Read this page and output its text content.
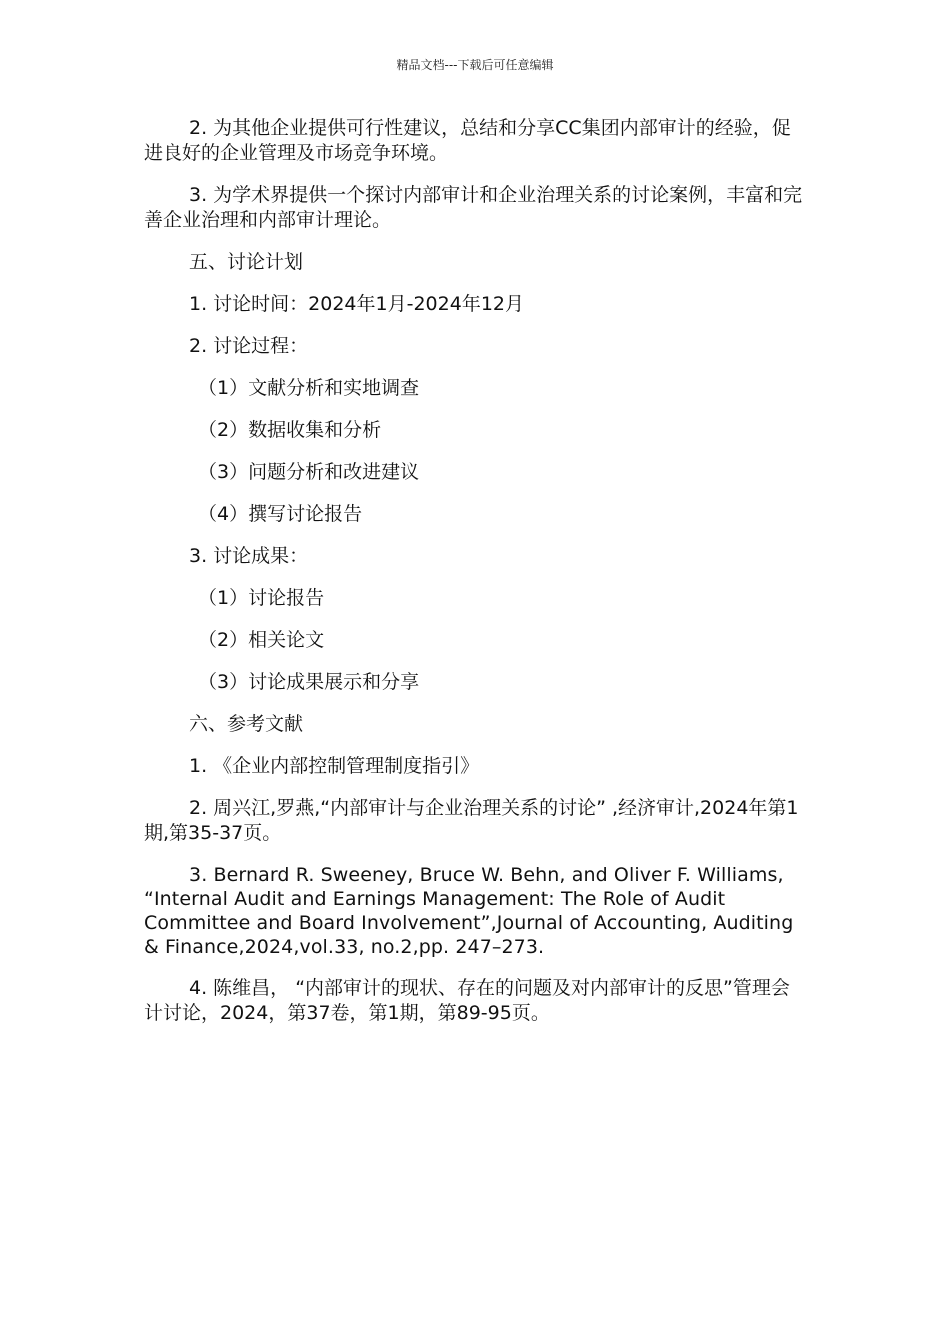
精品文档---下载后可任意编辑

2. 为其他企业提供可行性建议，总结和分享CC集团内部审计的经验，促进良好的企业管理及市场竞争环境。

3. 为学术界提供一个探讨内部审计和企业治理关系的讨论案例，丰富和完善企业治理和内部审计理论。

五、讨论计划

1. 讨论时间：2024年1月-2024年12月

2. 讨论过程：

（1）文献分析和实地调查

（2）数据收集和分析

（3）问题分析和改进建议

（4）撰写讨论报告

3. 讨论成果：

（1）讨论报告

（2）相关论文

（3）讨论成果展示和分享

六、参考文献

1. 《企业内部控制管理制度指引》

2. 周兴江,罗燕,“内部审计与企业治理关系的讨论” ,经济审计,2024年第1期,第35-37页。

3. Bernard R. Sweeney, Bruce W. Behn, and Oliver F. Williams, “Internal Audit and Earnings Management: The Role of Audit Committee and Board Involvement”,Journal of Accounting, Auditing & Finance,2024,vol.33, no.2,pp. 247–273.

4. 陈维昌， “内部审计的现状、存在的问题及对内部审计的反思”管理会计讨论，2024，第37卷，第1期，第89-95页。
